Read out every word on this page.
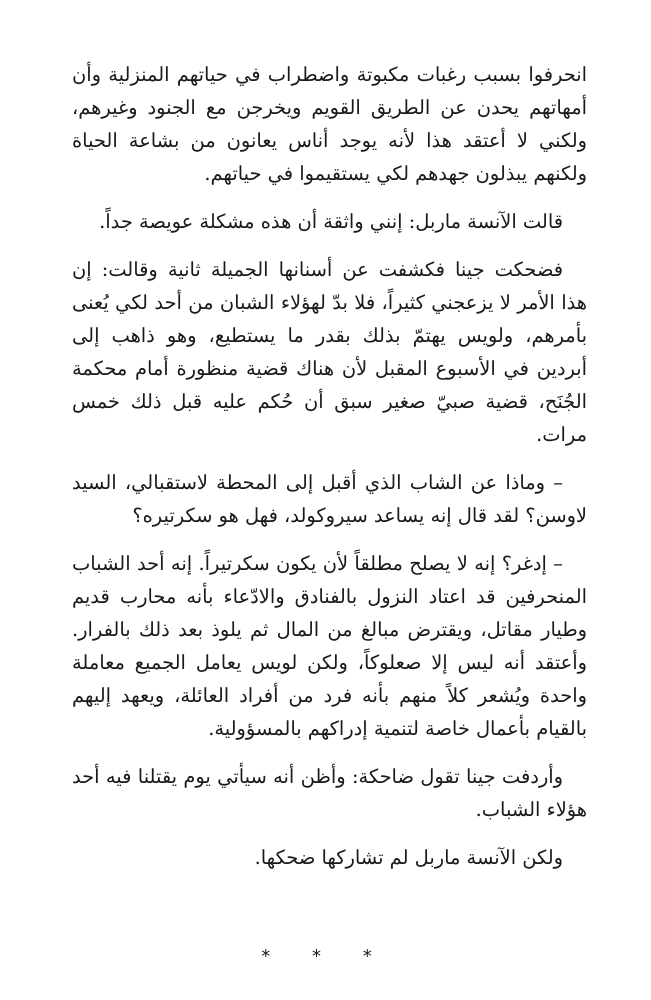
انحرفوا بسبب رغبات مكبوتة واضطراب في حياتهم المنزلية وأن أمهاتهم يحدن عن الطريق القويم ويخرجن مع الجنود وغيرهم، ولكني لا أعتقد هذا لأنه يوجد أناس يعانون من بشاعة الحياة ولكنهم يبذلون جهدهم لكي يستقيموا في حياتهم.

قالت الآنسة ماربل: إنني واثقة أن هذه مشكلة عويصة جداً.

فضحكت جينا فكشفت عن أسنانها الجميلة ثانية وقالت: إن هذا الأمر لا يزعجني كثيراً، فلا بدّ لهؤلاء الشبان من أحد لكي يُعنى بأمرهم، ولويس يهتمّ بذلك بقدر ما يستطيع، وهو ذاهب إلى أبردين في الأسبوع المقبل لأن هناك قضية منظورة أمام محكمة الجُنَح، قضية صبيّ صغير سبق أن حُكم عليه قبل ذلك خمس مرات.

– وماذا عن الشاب الذي أقبل إلى المحطة لاستقبالي، السيد لاوسن؟ لقد قال إنه يساعد سيروكولد، فهل هو سكرتيره؟

– إدغر؟ إنه لا يصلح مطلقاً لأن يكون سكرتيراً. إنه أحد الشباب المنحرفين قد اعتاد النزول بالفنادق والادّعاء بأنه محارب قديم وطيار مقاتل، ويقترض مبالغ من المال ثم يلوذ بعد ذلك بالفرار. وأعتقد أنه ليس إلا صعلوكاً، ولكن لويس يعامل الجميع معاملة واحدة ويُشعر كلاً منهم بأنه فرد من أفراد العائلة، ويعهد إليهم بالقيام بأعمال خاصة لتنمية إدراكهم بالمسؤولية.

وأردفت جينا تقول ضاحكة: وأظن أنه سيأتي يوم يقتلنا فيه أحد هؤلاء الشباب.

ولكن الآنسة ماربل لم تشاركها ضحكها.

* * *
